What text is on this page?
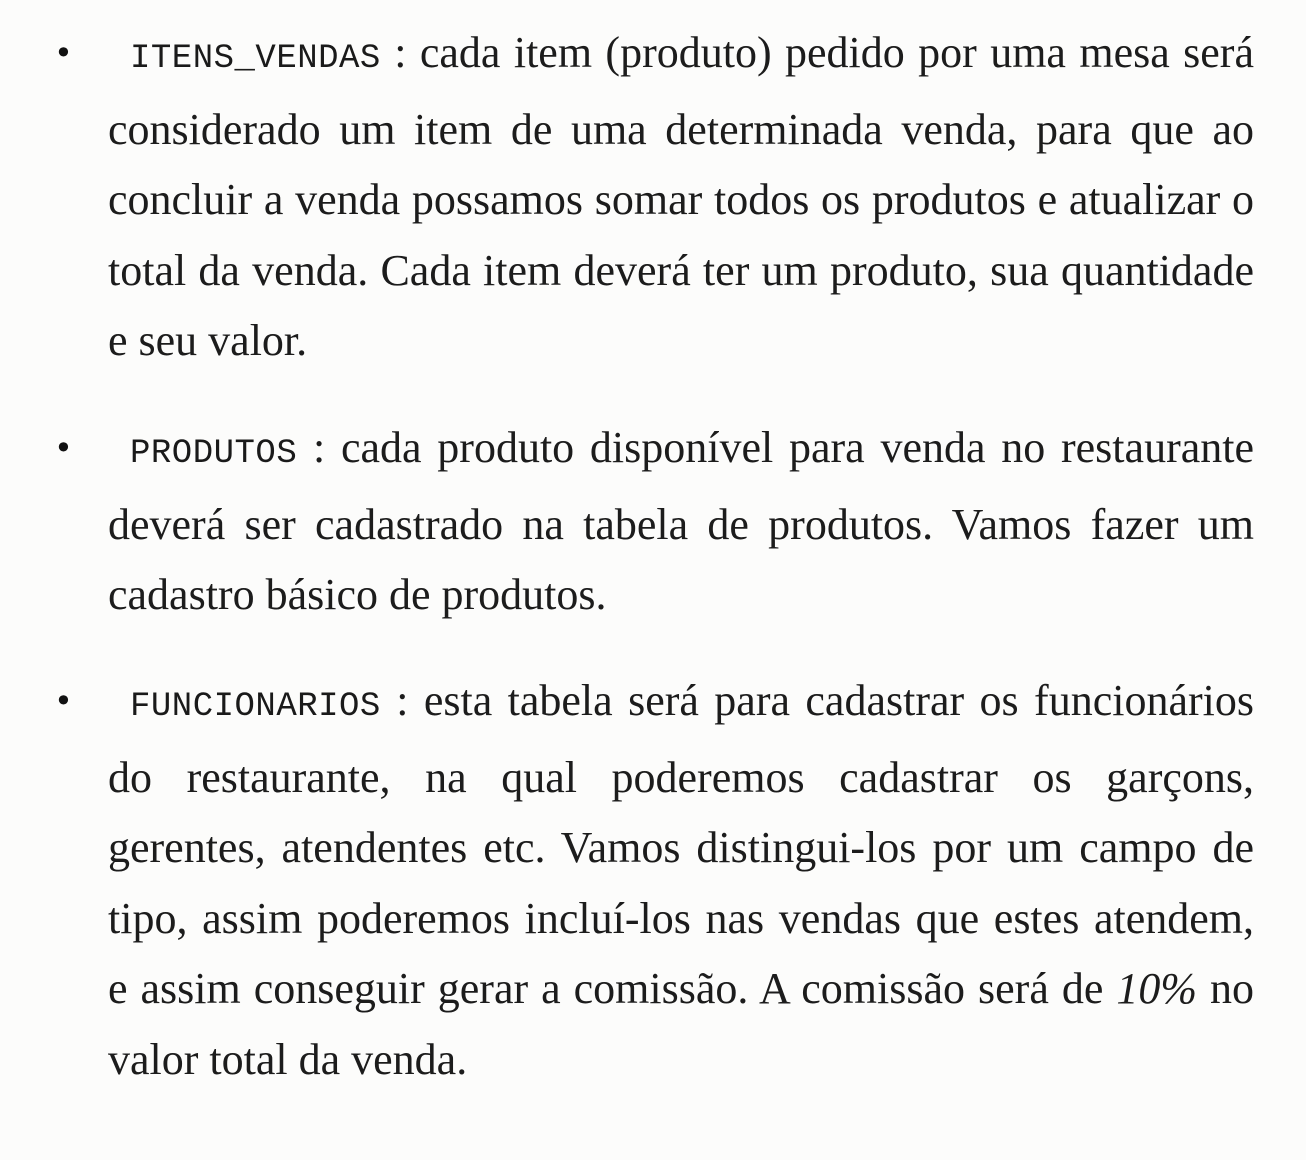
• ITENS_VENDAS : cada item (produto) pedido por uma mesa será considerado um item de uma determinada venda, para que ao concluir a venda possamos somar todos os produtos e atualizar o total da venda. Cada item deverá ter um produto, sua quantidade e seu valor.
• PRODUTOS : cada produto disponível para venda no restaurante deverá ser cadastrado na tabela de produtos. Vamos fazer um cadastro básico de produtos.
• FUNCIONARIOS : esta tabela será para cadastrar os funcionários do restaurante, na qual poderemos cadastrar os garçons, gerentes, atendentes etc. Vamos distingui-los por um campo de tipo, assim poderemos incluí-los nas vendas que estes atendem, e assim conseguir gerar a comissão. A comissão será de 10% no valor total da venda.
